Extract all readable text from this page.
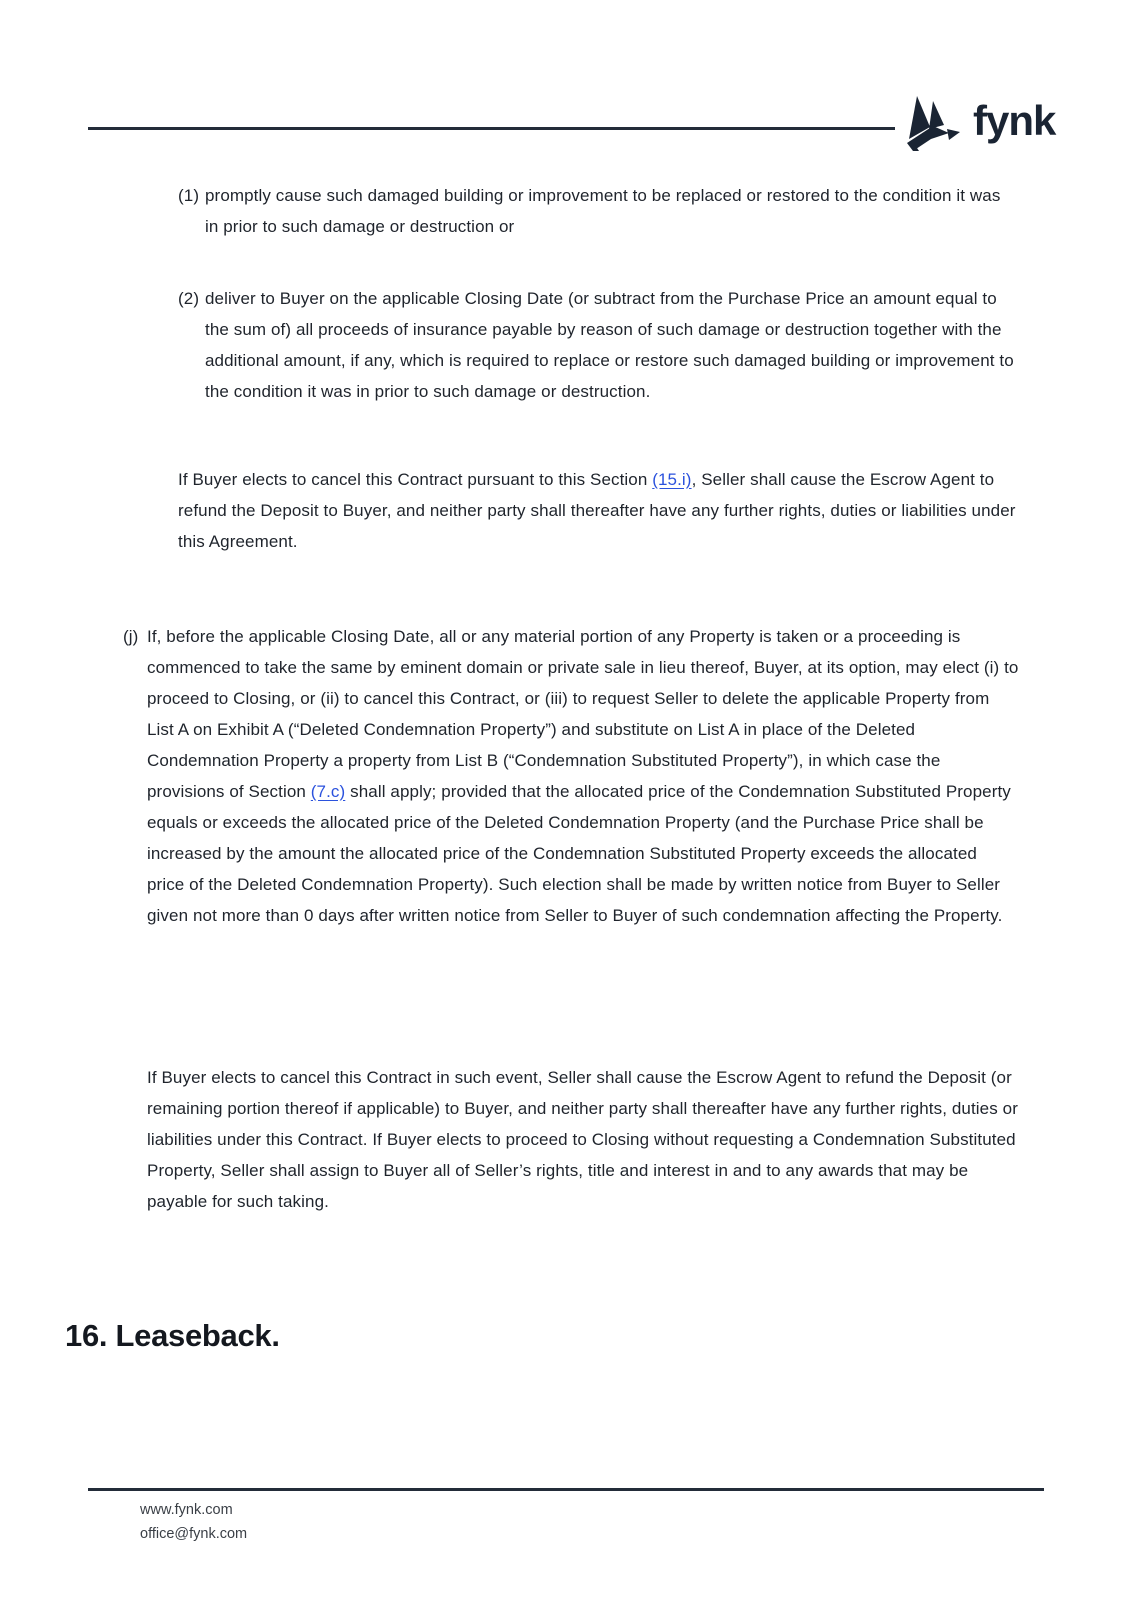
fynk
(1) promptly cause such damaged building or improvement to be replaced or restored to the condition it was in prior to such damage or destruction or
(2) deliver to Buyer on the applicable Closing Date (or subtract from the Purchase Price an amount equal to the sum of) all proceeds of insurance payable by reason of such damage or destruction together with the additional amount, if any, which is required to replace or restore such damaged building or improvement to the condition it was in prior to such damage or destruction.
If Buyer elects to cancel this Contract pursuant to this Section (15.i), Seller shall cause the Escrow Agent to refund the Deposit to Buyer, and neither party shall thereafter have any further rights, duties or liabilities under this Agreement.
(j) If, before the applicable Closing Date, all or any material portion of any Property is taken or a proceeding is commenced to take the same by eminent domain or private sale in lieu thereof, Buyer, at its option, may elect (i) to proceed to Closing, or (ii) to cancel this Contract, or (iii) to request Seller to delete the applicable Property from List A on Exhibit A (“Deleted Condemnation Property”) and substitute on List A in place of the Deleted Condemnation Property a property from List B (“Condemnation Substituted Property”), in which case the provisions of Section (7.c) shall apply; provided that the allocated price of the Condemnation Substituted Property equals or exceeds the allocated price of the Deleted Condemnation Property (and the Purchase Price shall be increased by the amount the allocated price of the Condemnation Substituted Property exceeds the allocated price of the Deleted Condemnation Property). Such election shall be made by written notice from Buyer to Seller given not more than 0 days after written notice from Seller to Buyer of such condemnation affecting the Property.
If Buyer elects to cancel this Contract in such event, Seller shall cause the Escrow Agent to refund the Deposit (or remaining portion thereof if applicable) to Buyer, and neither party shall thereafter have any further rights, duties or liabilities under this Contract. If Buyer elects to proceed to Closing without requesting a Condemnation Substituted Property, Seller shall assign to Buyer all of Seller’s rights, title and interest in and to any awards that may be payable for such taking.
16. Leaseback.
www.fynk.com
office@fynk.com
